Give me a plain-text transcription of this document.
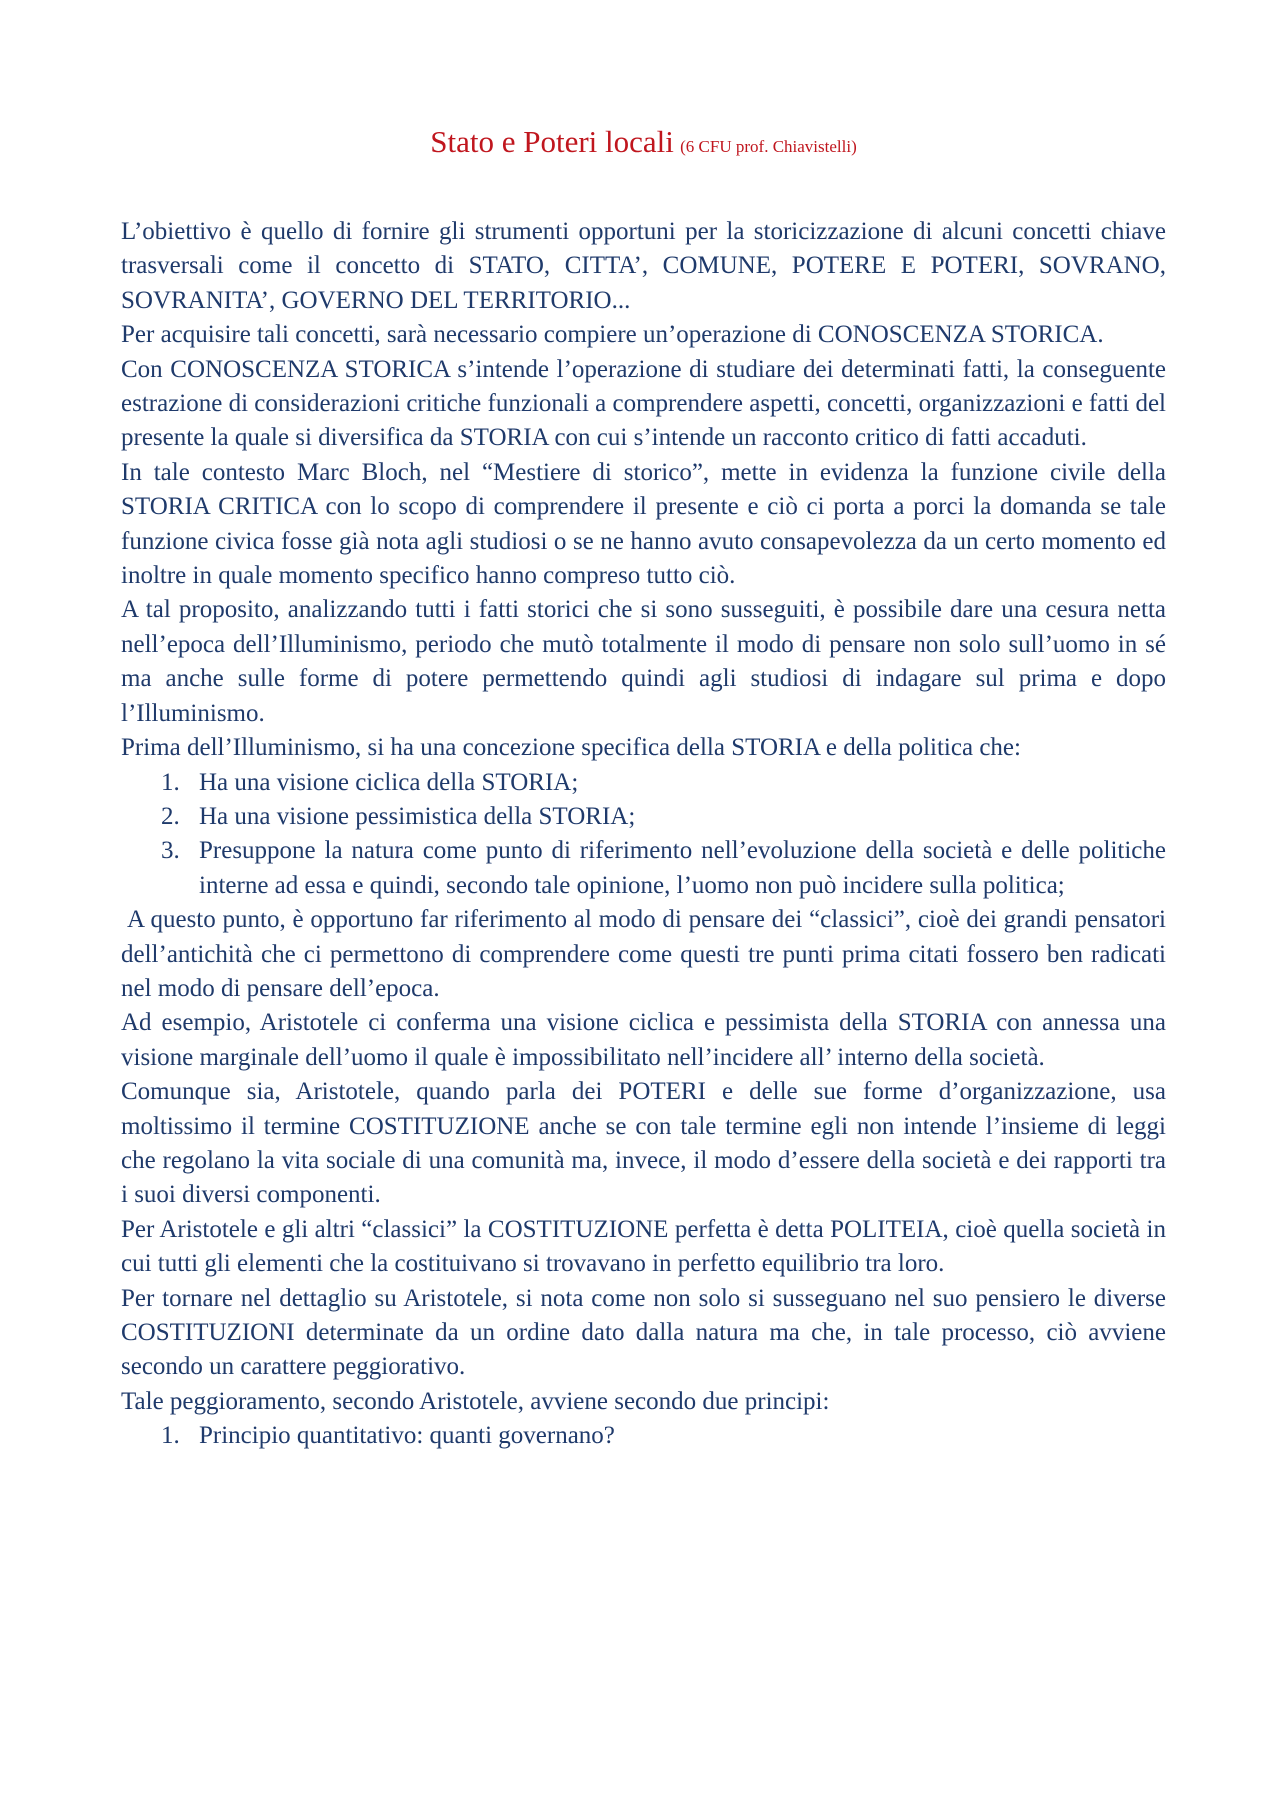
Stato e Poteri locali (6 CFU prof. Chiavistelli)

L’obiettivo è quello di fornire gli strumenti opportuni per la storicizzazione di alcuni concetti chiave trasversali come il concetto di STATO, CITTA’, COMUNE, POTERE E POTERI, SOVRANO, SOVRANITA’, GOVERNO DEL TERRITORIO...

Per acquisire tali concetti, sarà necessario compiere un’operazione di CONOSCENZA STORICA.

Con CONOSCENZA STORICA s’intende l’operazione di studiare dei determinati fatti, la conseguente estrazione di considerazioni critiche funzionali a comprendere aspetti, concetti, organizzazioni e fatti del presente la quale si diversifica da STORIA con cui s’intende un racconto critico di fatti accaduti.

In tale contesto Marc Bloch, nel “Mestiere di storico”, mette in evidenza la funzione civile della STORIA CRITICA con lo scopo di comprendere il presente e ciò ci porta a porci la domanda se tale funzione civica fosse già nota agli studiosi o se ne hanno avuto consapevolezza da un certo momento ed inoltre in quale momento specifico hanno compreso tutto ciò.

A tal proposito, analizzando tutti i fatti storici che si sono susseguiti, è possibile dare una cesura netta nell’epoca dell’Illuminismo, periodo che mutò totalmente il modo di pensare non solo sull’uomo in sé ma anche sulle forme di potere permettendo quindi agli studiosi di indagare sul prima e dopo l’Illuminismo.

Prima dell’Illuminismo, si ha una concezione specifica della STORIA e della politica che:

1. Ha una visione ciclica della STORIA;
2. Ha una visione pessimistica della STORIA;
3. Presuppone la natura come punto di riferimento nell’evoluzione della società e delle politiche interne ad essa e quindi, secondo tale opinione, l’uomo non può incidere sulla politica;

A questo punto, è opportuno far riferimento al modo di pensare dei “classici”, cioè dei grandi pensatori dell’antichità che ci permettono di comprendere come questi tre punti prima citati fossero ben radicati nel modo di pensare dell’epoca.

Ad esempio, Aristotele ci conferma una visione ciclica e pessimista della STORIA con annessa una visione marginale dell’uomo il quale è impossibilitato nell’incidere all’ interno della società.

Comunque sia, Aristotele, quando parla dei POTERI e delle sue forme d’organizzazione, usa moltissimo il termine COSTITUZIONE anche se con tale termine egli non intende l’insieme di leggi che regolano la vita sociale di una comunità ma, invece, il modo d’essere della società e dei rapporti tra i suoi diversi componenti.

Per Aristotele e gli altri “classici” la COSTITUZIONE perfetta è detta POLITEIA, cioè quella società in cui tutti gli elementi che la costituivano si trovavano in perfetto equilibrio tra loro.

Per tornare nel dettaglio su Aristotele, si nota come non solo si susseguano nel suo pensiero le diverse COSTITUZIONI determinate da un ordine dato dalla natura ma che, in tale processo, ciò avviene secondo un carattere peggiorativo.

Tale peggioramento, secondo Aristotele, avviene secondo due principi:

1. Principio quantitativo: quanti governano?
